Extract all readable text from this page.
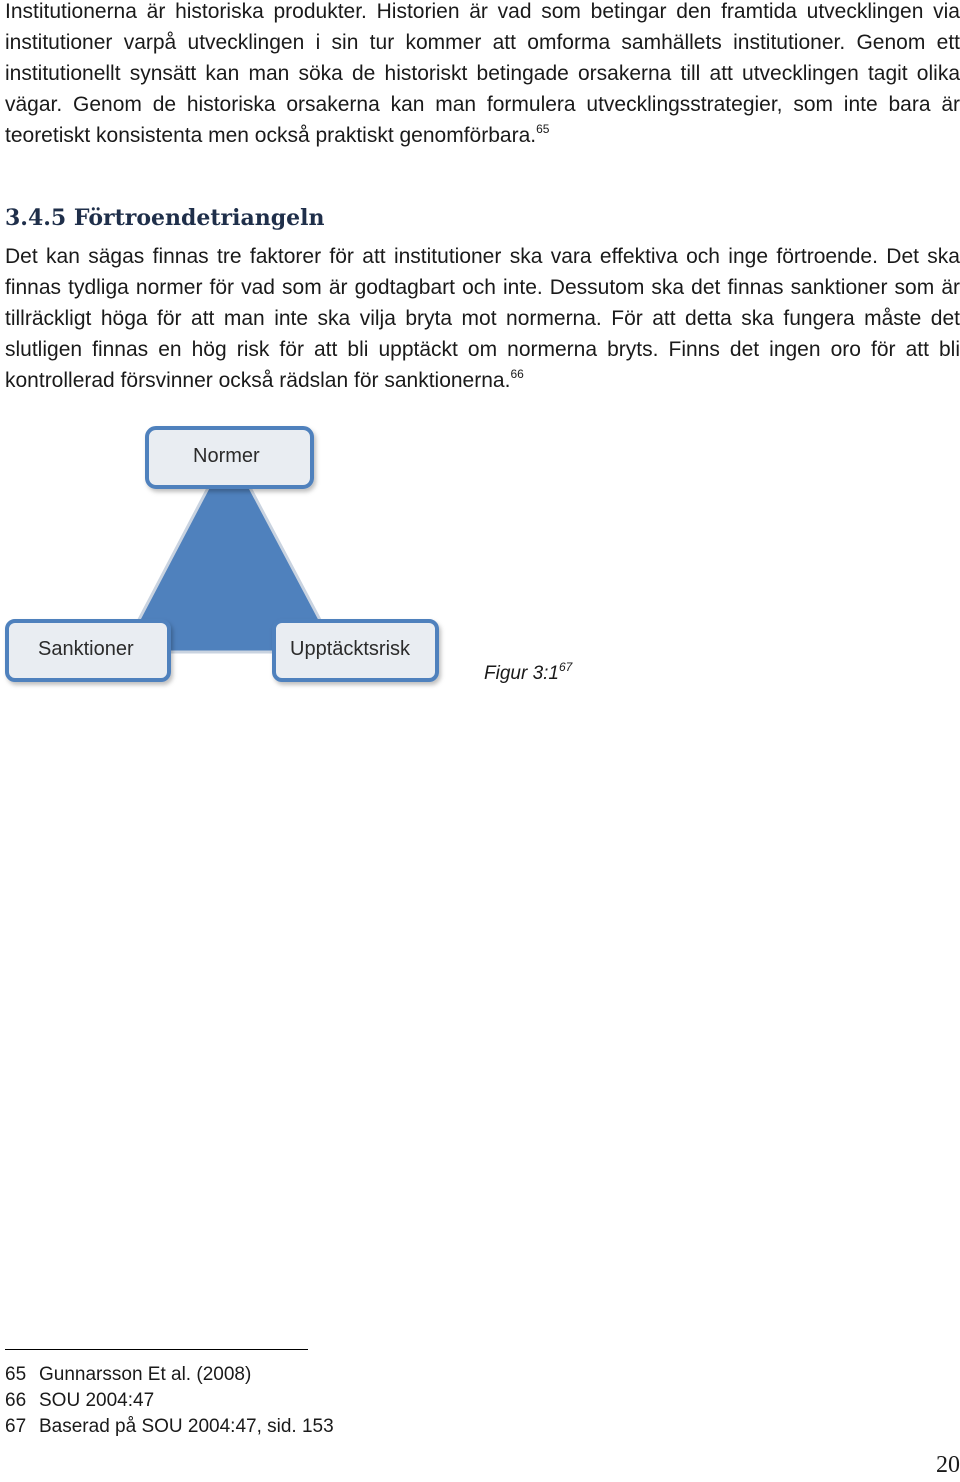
Institutionerna är historiska produkter. Historien är vad som betingar den framtida utvecklingen via institutioner varpå utvecklingen i sin tur kommer att omforma samhällets institutioner. Genom ett institutionellt synsätt kan man söka de historiskt betingade orsakerna till att utvecklingen tagit olika vägar. Genom de historiska orsakerna kan man formulera utvecklingsstrategier, som inte bara är teoretiskt konsistenta men också praktiskt genomförbara.$^{65}$

3.4.5 Förtroendetriangeln

Det kan sägas finnas tre faktorer för att institutioner ska vara effektiva och inge förtroende. Det ska finnas tydliga normer för vad som är godtagbart och inte. Dessutom ska det finnas sanktioner som är tillräckligt höga för att man inte ska vilja bryta mot normerna. För att detta ska fungera måste det slutligen finnas en hög risk för att bli upptäckt om normerna bryts. Finns det ingen oro för att bli kontrollerad försvinner också rädslan för sanktionerna.$^{66}$

Normer
Sanktioner	Upptäcktsrisk
Figur $3:1^{67}$
65 Gunnarsson Et al. (2008)
66 SOU 2004:47
67 Baserad på SOU 2004:47, sid. 153
20
